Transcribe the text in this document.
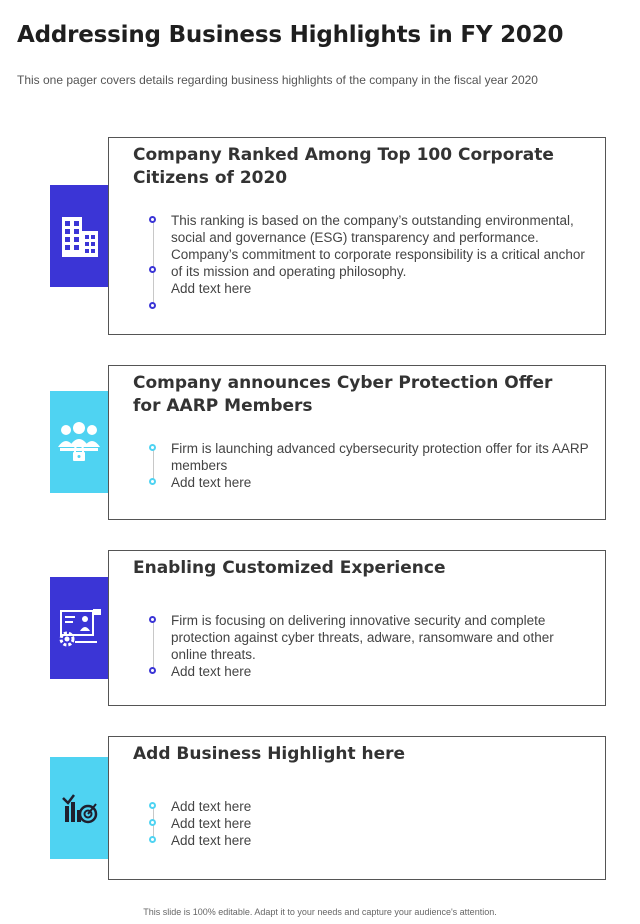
Addressing Business Highlights in FY 2020
This one pager covers details regarding business highlights of the company in the fiscal year 2020
Company Ranked Among Top 100 Corporate Citizens of 2020
This ranking is based on the company’s outstanding environmental, social and governance (ESG) transparency and performance. Company’s commitment to corporate responsibility is a critical anchor of its mission and operating philosophy.
Add text here
Company announces Cyber Protection Offer for AARP Members
Firm is launching advanced cybersecurity protection offer for its AARP members
Add text here
Enabling Customized Experience
Firm is focusing on delivering innovative security and complete protection against cyber threats, adware, ransomware and other online threats.
Add text here
Add Business Highlight here
Add text here
Add text here
Add text here
This slide is 100% editable. Adapt it to your needs and capture your audience's attention.
